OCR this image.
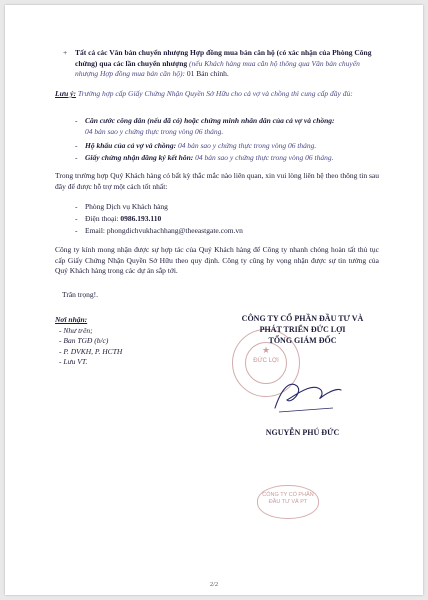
+ Tất cả các Văn bản chuyển nhượng Hợp đồng mua bán căn hộ (có xác nhận của Phòng Công chứng) qua các lần chuyển nhượng (nếu Khách hàng mua căn hộ thông qua Văn bản chuyển nhượng Hợp đồng mua bán căn hộ): 01 Bản chính.
Lưu ý: Trường hợp cấp Giấy Chứng Nhận Quyền Sở Hữu cho cả vợ và chồng thì cung cấp đầy đủ:
- Căn cước công dân (nếu đã có) hoặc chứng minh nhân dân của cả vợ và chồng:
04 bản sao y chứng thực trong vòng 06 tháng.
- Hộ khẩu của cả vợ và chồng: 04 bản sao y chứng thực trong vòng 06 tháng.
- Giấy chứng nhận đăng ký kết hôn: 04 bản sao y chứng thực trong vòng 06 tháng.
Trong trường hợp Quý Khách hàng có bất kỳ thắc mắc nào liên quan, xin vui lòng liên hệ theo thông tin sau đây để được hỗ trợ một cách tốt nhất:
- Phòng Dịch vụ Khách hàng
- Điện thoại: 0986.193.110
- Email: phongdichvukhachhang@theeastgate.com.vn
Công ty kính mong nhận được sự hợp tác của Quý Khách hàng để Công ty nhanh chóng hoàn tất thủ tục cấp Giấy Chứng Nhận Quyền Sở Hữu theo quy định. Công ty cũng hy vọng nhận được sự tin tưởng của Quý Khách hàng trong các dự án sắp tới.
Trân trọng!.
Nơi nhận:
- Như trên;
- Ban TGĐ (b/c)
- P. DVKH, P. HCTH
- Lưu VT.
★
ĐỨC LỢI
CÔNG TY CỔ PHẦN ĐẦU TƯ VÀ
PHÁT TRIỂN ĐỨC LỢI
TỔNG GIÁM ĐỐC
NGUYỄN PHÚ ĐỨC
CÔNG TY CỔ PHẦN
ĐẦU TƯ VÀ PT
2/2
